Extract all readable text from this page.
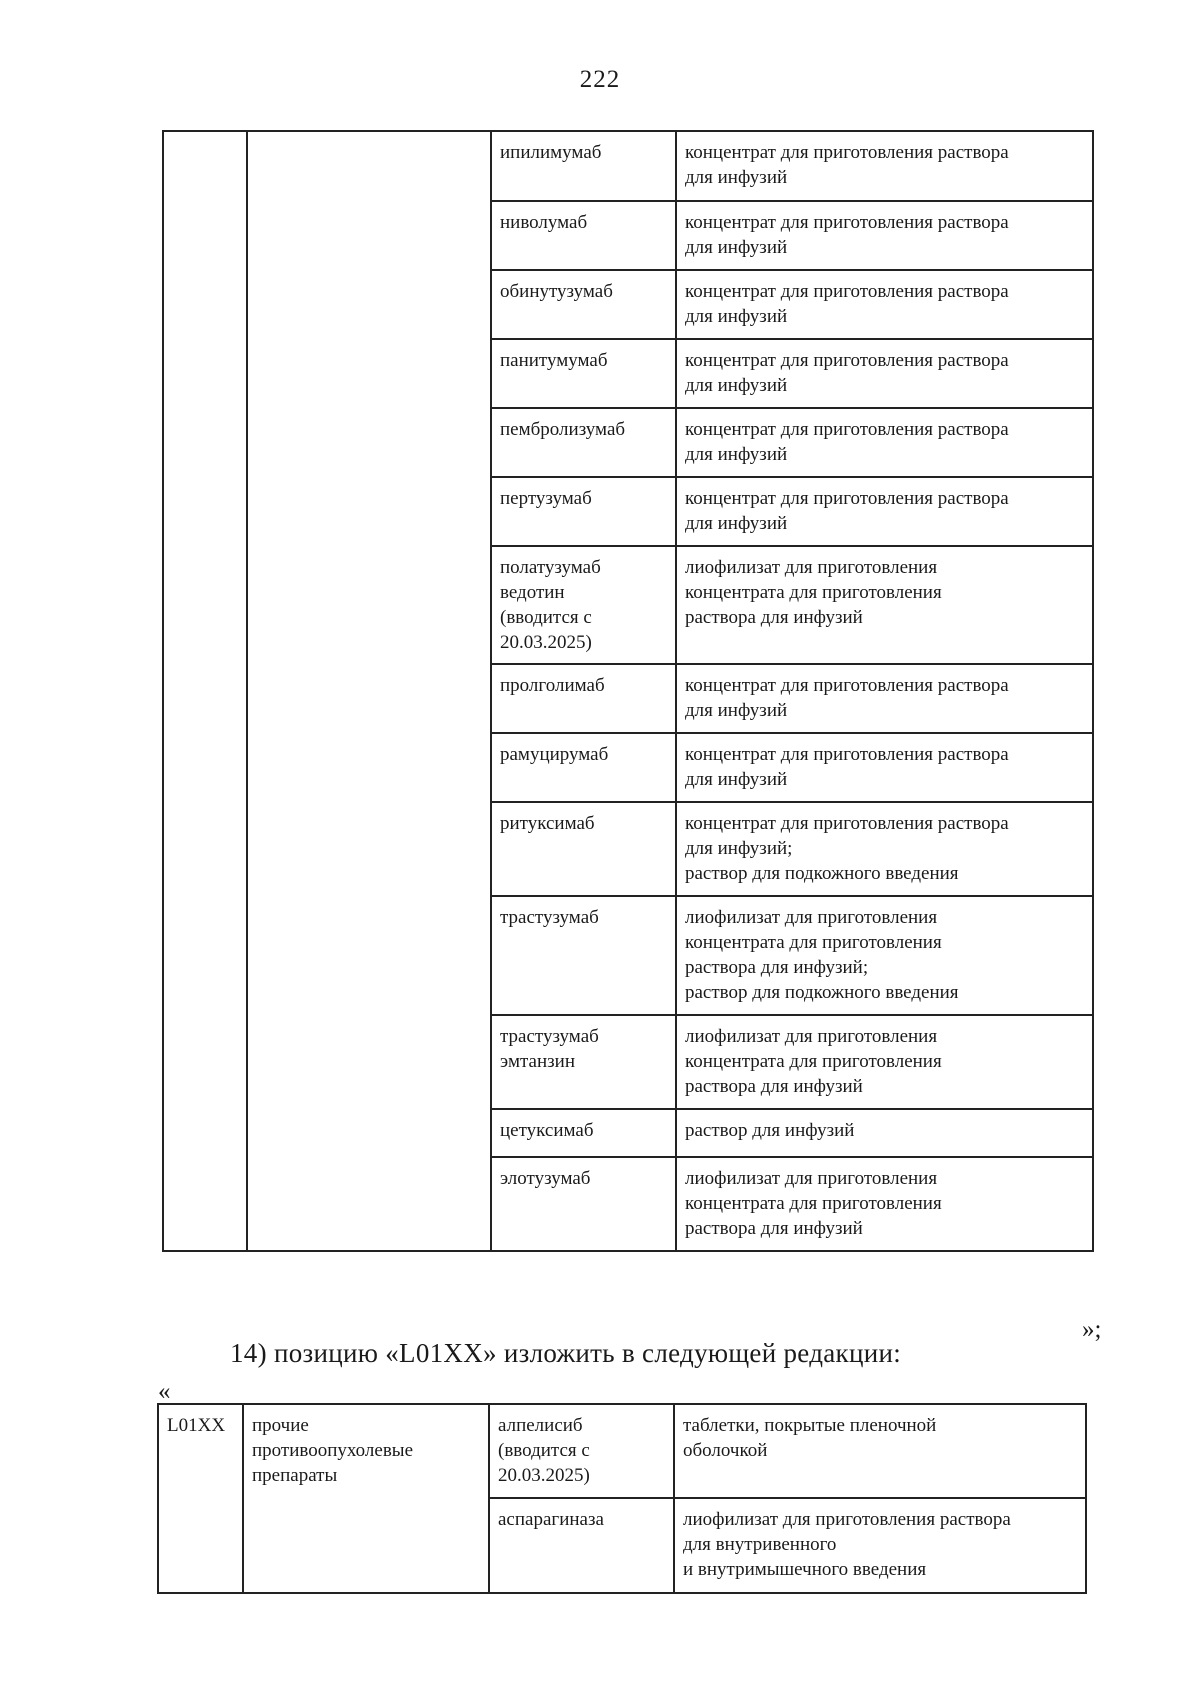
222
		ипилимумаб	концентрат для приготовления раствора
для инфузий
		ниволумаб	концентрат для приготовления раствора
для инфузий
		обинутузумаб	концентрат для приготовления раствора
для инфузий
		панитумумаб	концентрат для приготовления раствора
для инфузий
		пембролизумаб	концентрат для приготовления раствора
для инфузий
		пертузумаб	концентрат для приготовления раствора
для инфузий
		полатузумаб
ведотин
(вводится с
20.03.2025)	лиофилизат для приготовления
концентрата для приготовления
раствора для инфузий
		пролголимаб	концентрат для приготовления раствора
для инфузий
		рамуцирумаб	концентрат для приготовления раствора
для инфузий
		ритуксимаб	концентрат для приготовления раствора
для инфузий;
раствор для подкожного введения
		трастузумаб	лиофилизат для приготовления
концентрата для приготовления
раствора для инфузий;
раствор для подкожного введения
		трастузумаб
эмтанзин	лиофилизат для приготовления
концентрата для приготовления
раствора для инфузий
		цетуксимаб	раствор для инфузий
		элотузумаб	лиофилизат для приготовления
концентрата для приготовления
раствора для инфузий
»;
14) позицию «L01XX» изложить в следующей редакции:
«
L01XX	прочие
противоопухолевые
препараты	алпелисиб
(вводится с
20.03.2025)	таблетки, покрытые пленочной
оболочкой
		аспарагиназа	лиофилизат для приготовления раствора
для внутривенного
и внутримышечного введения
